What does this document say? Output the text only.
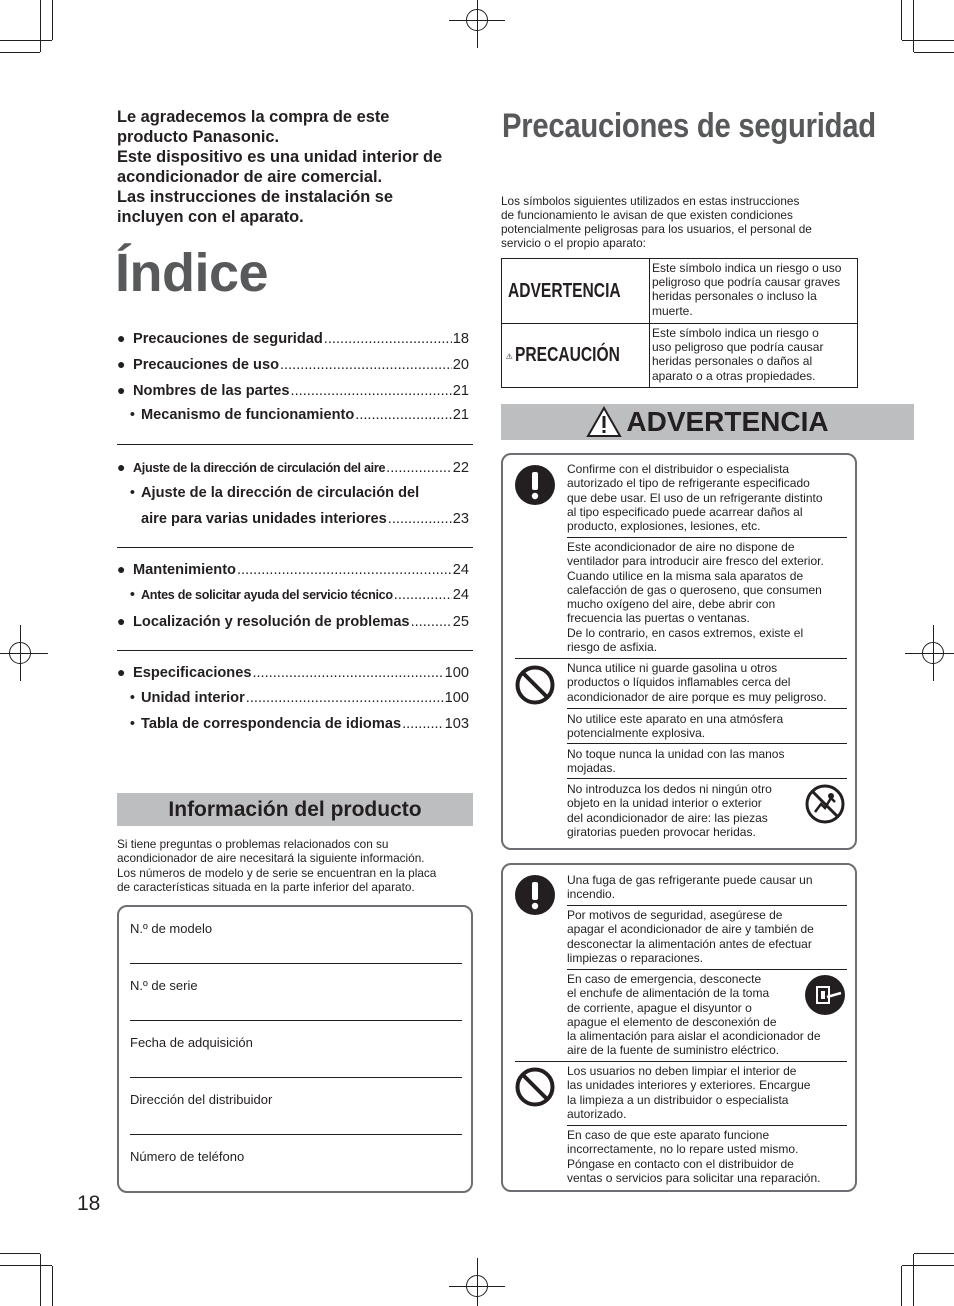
Le agradecemos la compra de este
producto Panasonic.
Este dispositivo es una unidad interior de
acondicionador de aire comercial.
Las instrucciones de instalación se
incluyen con el aparato.
Índice
● Precauciones de seguridad .....	18
● Precauciones de uso .....	20
● Nombres de las partes .....	21
• Mecanismo de funcionamiento .....	21
● Ajuste de la dirección de circulación del aire .....	22
• Ajuste de la dirección de circulación del
aire para varias unidades interiores .....	23
● Mantenimiento .....	24
• Antes de solicitar ayuda del servicio técnico .....	24
● Localización y resolución de problemas .....	25
● Especificaciones .....	100
• Unidad interior .....	100
• Tabla de correspondencia de idiomas .....	103
Información del producto
Si tiene preguntas o problemas relacionados con su
acondicionador de aire necesitará la siguiente información.
Los números de modelo y de serie se encuentran en la placa
de características situada en la parte inferior del aparato.
N.º de modelo
N.º de serie
Fecha de adquisición
Dirección del distribuidor
Número de teléfono
18
Precauciones de seguridad
Los símbolos siguientes utilizados en estas instrucciones
de funcionamiento le avisan de que existen condiciones
potencialmente peligrosas para los usuarios, el personal de
servicio o el propio aparato:
ADVERTENCIA
Este símbolo indica un riesgo o uso
peligroso que podría causar graves
heridas personales o incluso la
muerte.
PRECAUCIÓN
Este símbolo indica un riesgo o
uso peligroso que podría causar
heridas personales o daños al
aparato o a otras propiedades.
ADVERTENCIA
Confirme con el distribuidor o especialista
autorizado el tipo de refrigerante especificado
que debe usar. El uso de un refrigerante distinto
al tipo especificado puede acarrear daños al
producto, explosiones, lesiones, etc.
Este acondicionador de aire no dispone de
ventilador para introducir aire fresco del exterior.
Cuando utilice en la misma sala aparatos de
calefacción de gas o queroseno, que consumen
mucho oxígeno del aire, debe abrir con
frecuencia las puertas o ventanas.
De lo contrario, en casos extremos, existe el
riesgo de asfixia.
Nunca utilice ni guarde gasolina u otros
productos o líquidos inflamables cerca del
acondicionador de aire porque es muy peligroso.
No utilice este aparato en una atmósfera
potencialmente explosiva.
No toque nunca la unidad con las manos
mojadas.
No introduzca los dedos ni ningún otro
objeto en la unidad interior o exterior
del acondicionador de aire: las piezas
giratorias pueden provocar heridas.
Una fuga de gas refrigerante puede causar un
incendio.
Por motivos de seguridad, asegúrese de
apagar el acondicionador de aire y también de
desconectar la alimentación antes de efectuar
limpiezas o reparaciones.
En caso de emergencia, desconecte
el enchufe de alimentación de la toma
de corriente, apague el disyuntor o
apague el elemento de desconexión de
la alimentación para aislar el acondicionador de
aire de la fuente de suministro eléctrico.
Los usuarios no deben limpiar el interior de
las unidades interiores y exteriores. Encargue
la limpieza a un distribuidor o especialista
autorizado.
En caso de que este aparato funcione
incorrectamente, no lo repare usted mismo.
Póngase en contacto con el distribuidor de
ventas o servicios para solicitar una reparación.
